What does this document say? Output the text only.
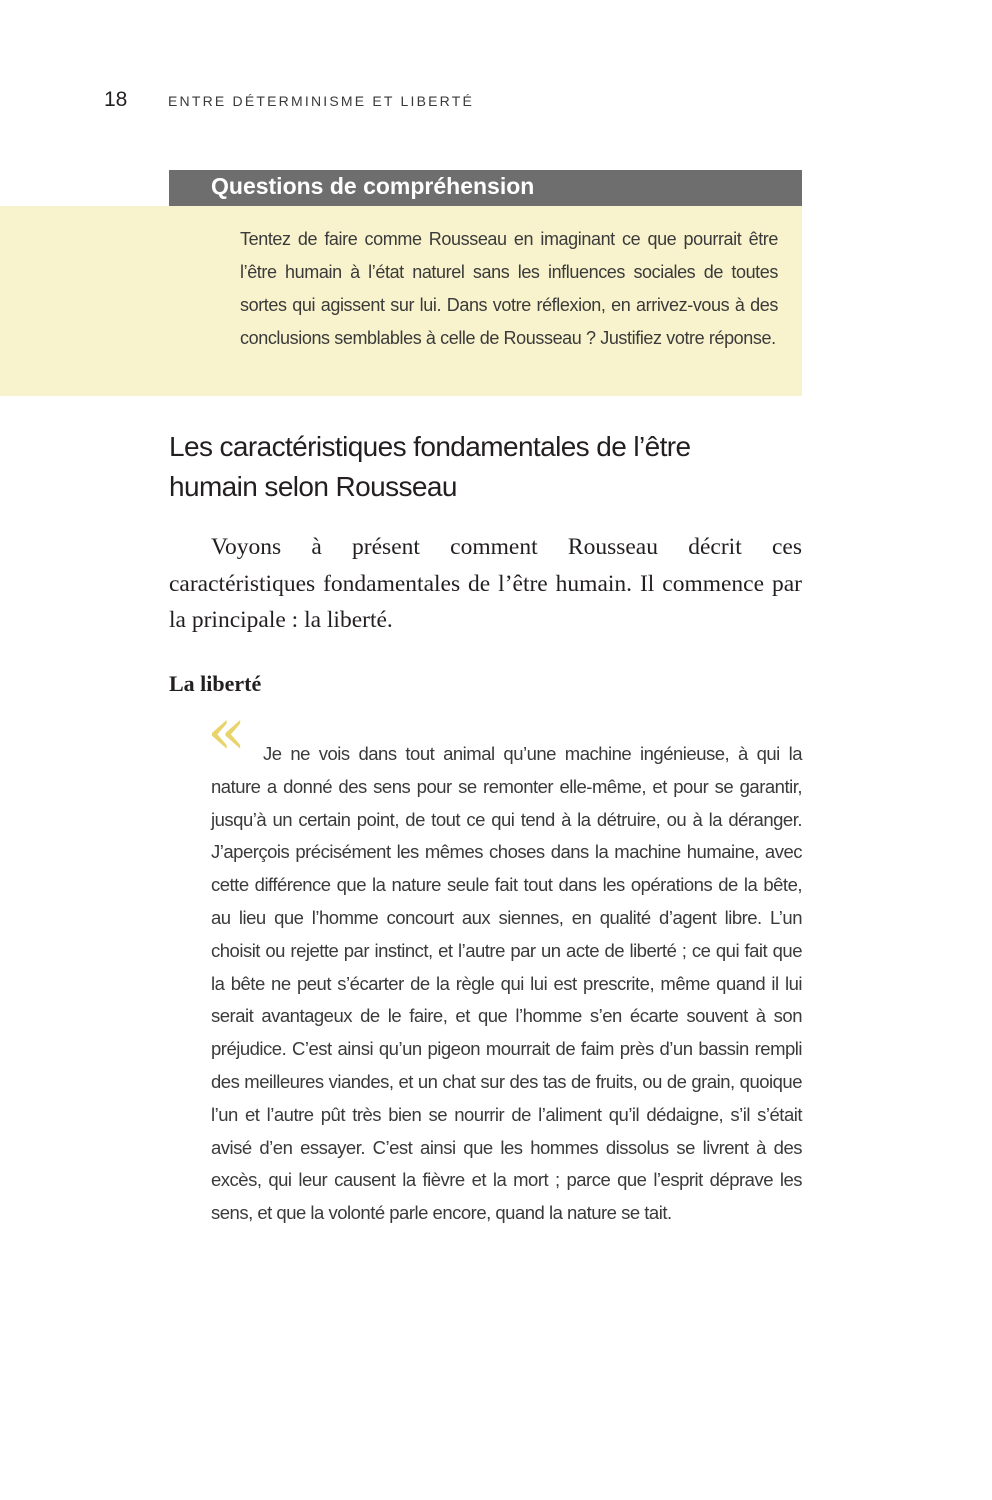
18	ENTRE DÉTERMINISME ET LIBERTÉ
Questions de compréhension

Tentez de faire comme Rousseau en imaginant ce que pourrait être l’être humain à l’état naturel sans les influences sociales de toutes sortes qui agissent sur lui. Dans votre réflexion, en arrivez-vous à des conclusions semblables à celle de Rousseau ? Justifiez votre réponse.

Les caractéristiques fondamentales de l’être humain selon Rousseau

Voyons à présent comment Rousseau décrit ces caractéristiques fondamentales de l’être humain. Il commence par la principale : la liberté.

La liberté
« Je ne vois dans tout animal qu’une machine ingénieuse, à qui la nature a donné des sens pour se remonter elle-même, et pour se garantir, jusqu’à un certain point, de tout ce qui tend à la détruire, ou à la déranger. J’aperçois précisément les mêmes choses dans la machine humaine, avec cette différence que la nature seule fait tout dans les opérations de la bête, au lieu que l’homme concourt aux siennes, en qualité d’agent libre. L’un choisit ou rejette par instinct, et l’autre par un acte de liberté ; ce qui fait que la bête ne peut s’écarter de la règle qui lui est prescrite, même quand il lui serait avantageux de le faire, et que l’homme s’en écarte souvent à son préjudice. C’est ainsi qu’un pigeon mourrait de faim près d’un bassin rempli des meilleures viandes, et un chat sur des tas de fruits, ou de grain, quoique l’un et l’autre pût très bien se nourrir de l’aliment qu’il dédaigne, s’il s’était avisé d’en essayer. C’est ainsi que les hommes dissolus se livrent à des excès, qui leur causent la fièvre et la mort ; parce que l’esprit déprave les sens, et que la volonté parle encore, quand la nature se tait.
